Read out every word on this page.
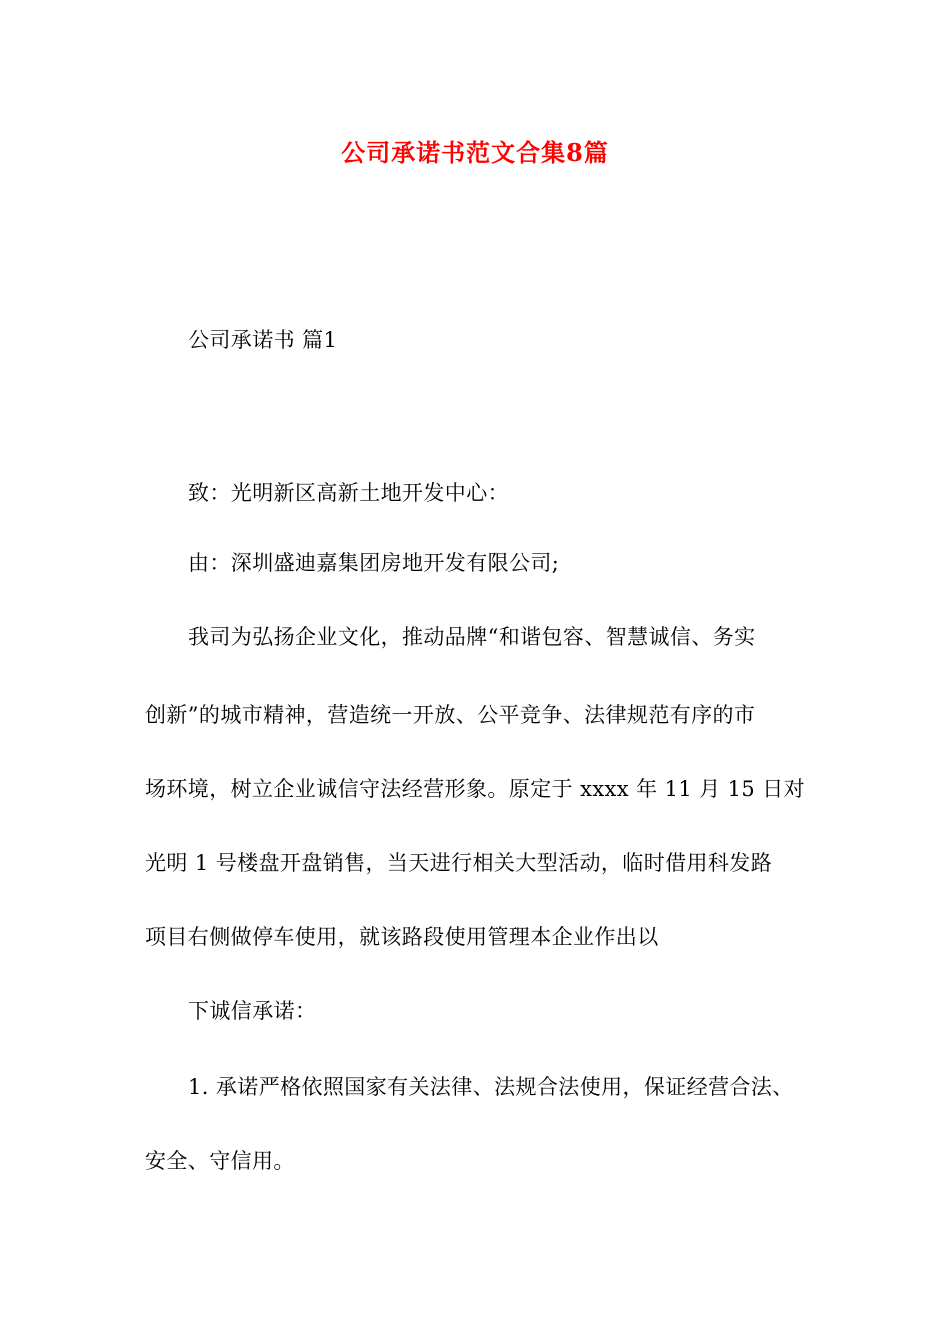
公司承诺书范文合集8篇
公司承诺书 篇1
致：光明新区高新土地开发中心：
由：深圳盛迪嘉集团房地开发有限公司;
我司为弘扬企业文化，推动品牌“和谐包容、智慧诚信、务实
创新”的城市精神，营造统一开放、公平竞争、法律规范有序的市
场环境，树立企业诚信守法经营形象。原定于 xxxx 年 11 月 15 日对
光明 1 号楼盘开盘销售，当天进行相关大型活动，临时借用科发路
项目右侧做停车使用，就该路段使用管理本企业作出以
下诚信承诺：
1. 承诺严格依照国家有关法律、法规合法使用，保证经营合法、
安全、守信用。
